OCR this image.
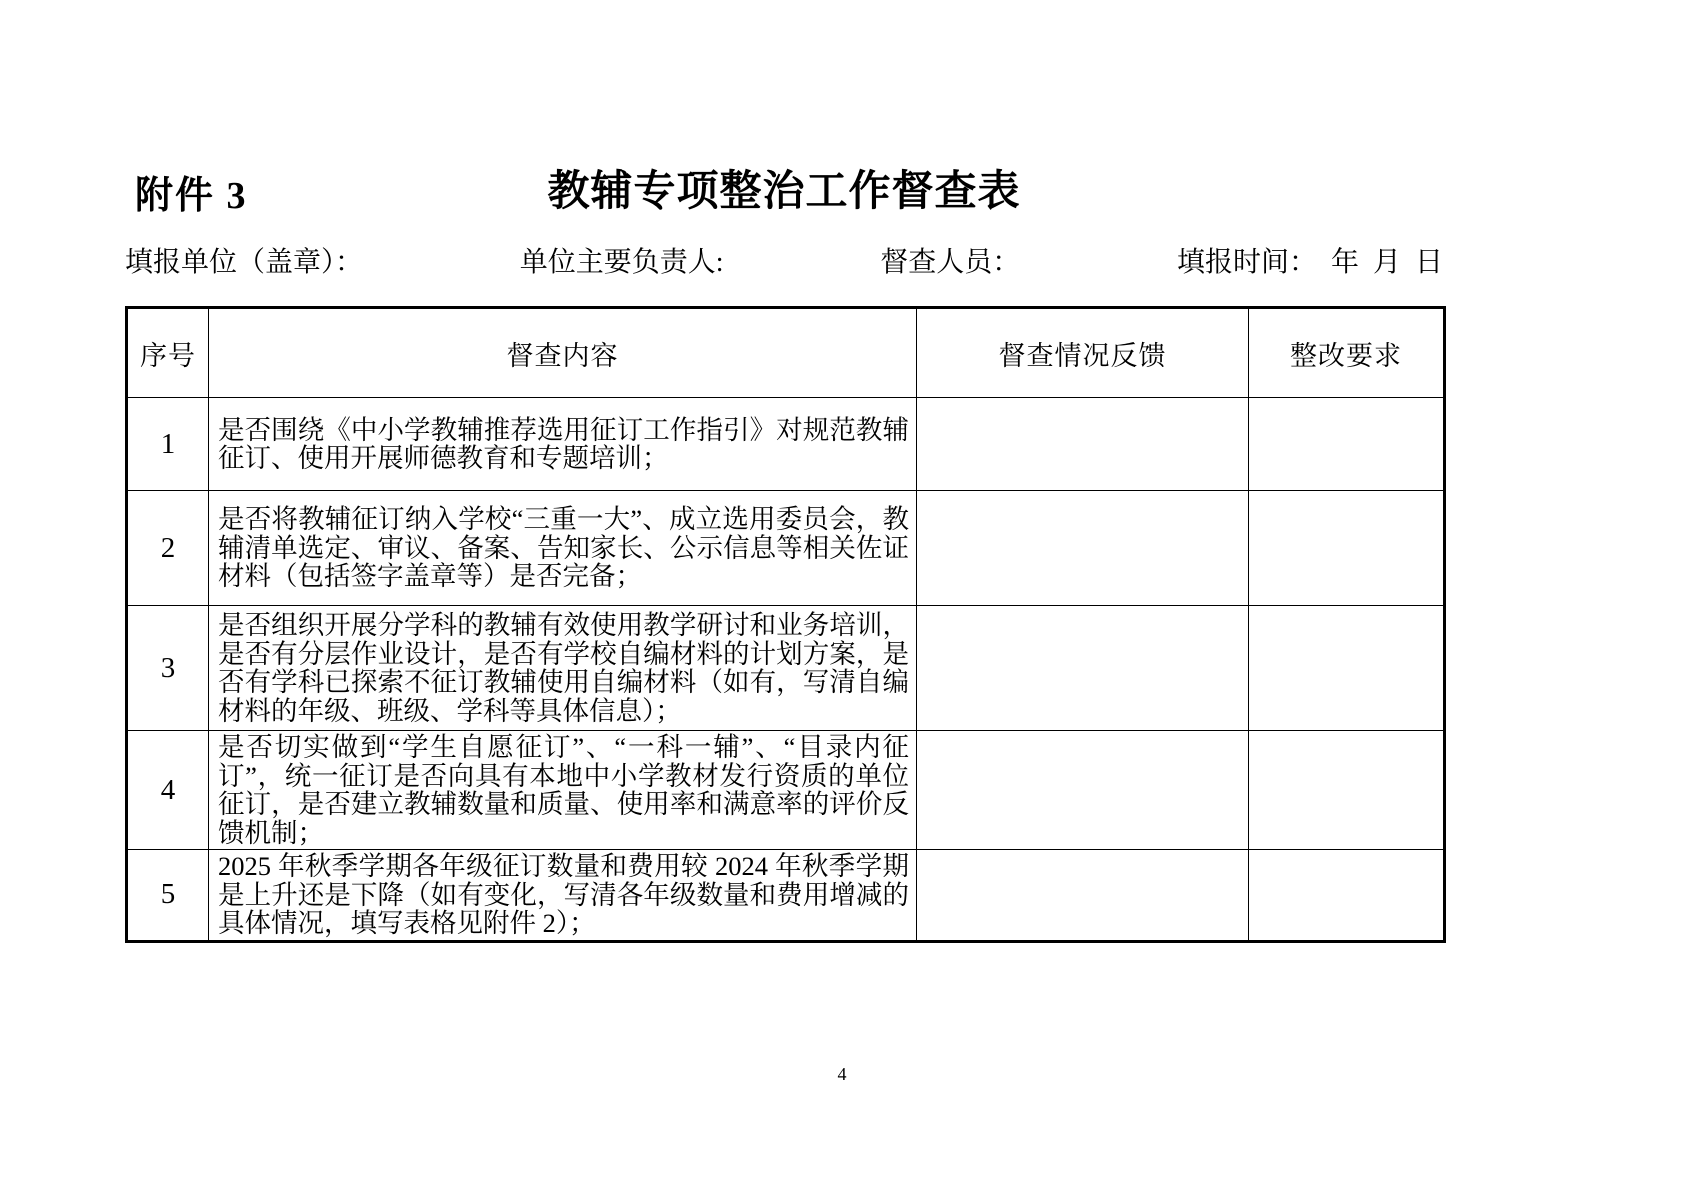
附件 3	教辅专项整治工作督查表
填报单位（盖章）：	单位主要负责人:	督查人员：	填报时间：  年  月  日
序号	督查内容	督查情况反馈	整改要求
1	是否围绕《中小学教辅推荐选用征订工作指引》对规范教辅征订、使用开展师德教育和专题培训；		
2	是否将教辅征订纳入学校“三重一大”、成立选用委员会，教辅清单选定、审议、备案、告知家长、公示信息等相关佐证材料（包括签字盖章等）是否完备；		
3	是否组织开展分学科的教辅有效使用教学研讨和业务培训，是否有分层作业设计，是否有学校自编材料的计划方案，是否有学科已探索不征订教辅使用自编材料（如有，写清自编材料的年级、班级、学科等具体信息）；		
4	是否切实做到“学生自愿征订”、“一科一辅”、“目录内征订”，统一征订是否向具有本地中小学教材发行资质的单位征订，是否建立教辅数量和质量、使用率和满意率的评价反馈机制；		
5	2025 年秋季学期各年级征订数量和费用较 2024 年秋季学期是上升还是下降（如有变化，写清各年级数量和费用增减的具体情况，填写表格见附件 2）；		
4
